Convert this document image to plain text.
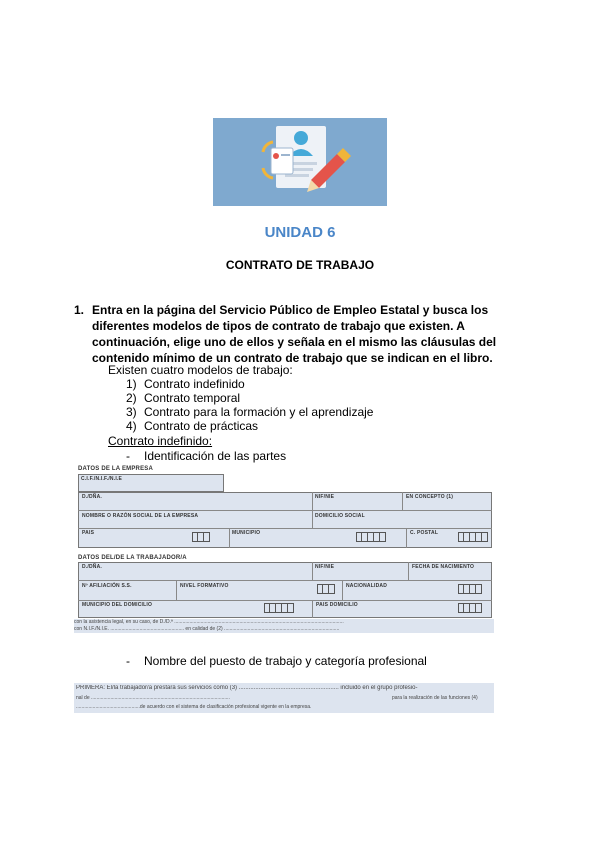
UNIDAD 6
CONTRATO DE TRABAJO
1. Entra en la página del Servicio Público de Empleo Estatal y busca los diferentes modelos de tipos de contrato de trabajo que existen. A continuación, elige uno de ellos y señala en el mismo las cláusulas del contenido mínimo de un contrato de trabajo que se indican en el libro.
Existen cuatro modelos de trabajo:
1) Contrato indefinido
2) Contrato temporal
3) Contrato para la formación y el aprendizaje
4) Contrato de prácticas
Contrato indefinido:
- Identificación de las partes
DATOS DE LA EMPRESA
C.I.F./N.I.F./N.I.E
D./DÑA.	NIF/NIE	EN CONCEPTO (1)
NOMBRE O RAZÓN SOCIAL DE LA EMPRESA	DOMICILIO SOCIAL
PAIS	MUNICIPIO	C. POSTAL
DATOS DEL/DE LA TRABAJADOR/A
D./DÑA.	NIF/NIE	FECHA DE NACIMIENTO
Nº AFILIACIÓN S.S.	NIVEL FORMATIVO	NACIONALIDAD
MUNICIPIO DEL DOMICILIO	PAIS DOMICILIO
con la asistencia legal, en su caso, de D./D.ª ..........................................................................................................................
con N.I.F./N.I.E. ..................................................... en calidad de (2) ...................................................................................
- Nombre del puesto de trabajo y categoría profesional
PRIMERA: El/la trabajador/a prestará sus servicios como (3) ............................................................ incluido en el grupo profesio-
nal de ....................................................................................................	para la realización de las funciones (4)
..............................................de acuerdo con el sistema de clasificación profesional vigente en la empresa.
